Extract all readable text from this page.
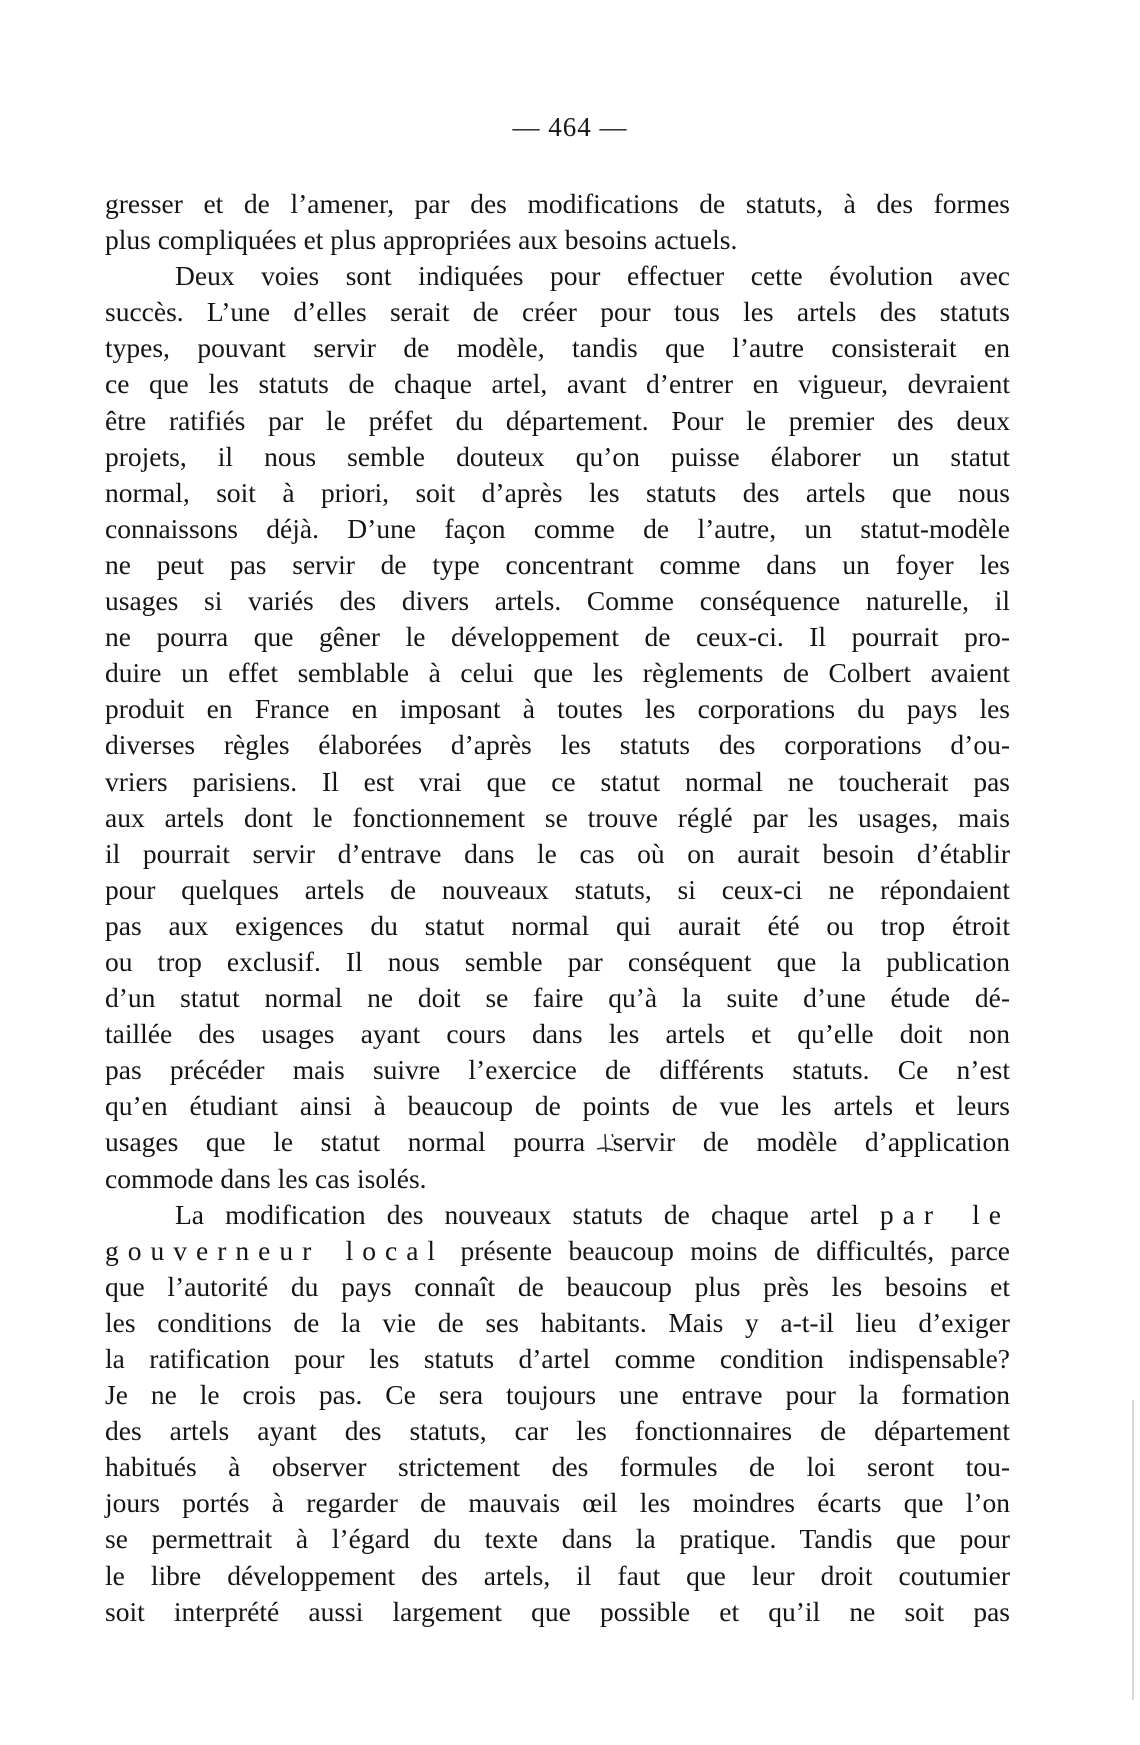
— 464 —
gresser et de l’amener, par des modifications de statuts, à des formes
plus compliquées et plus appropriées aux besoins actuels.
Deux voies sont indiquées pour effectuer cette évolution avec
succès. L’une d’elles serait de créer pour tous les artels des statuts
types, pouvant servir de modèle, tandis que l’autre consisterait en
ce que les statuts de chaque artel, avant d’entrer en vigueur, devraient
être ratifiés par le préfet du département. Pour le premier des deux
projets, il nous semble douteux qu’on puisse élaborer un statut
normal, soit à priori, soit d’après les statuts des artels que nous
connaissons déjà. D’une façon comme de l’autre, un statut-modèle
ne peut pas servir de type concentrant comme dans un foyer les
usages si variés des divers artels. Comme conséquence naturelle, il
ne pourra que gêner le développement de ceux-ci. Il pourrait pro-
duire un effet semblable à celui que les règlements de Colbert avaient
produit en France en imposant à toutes les corporations du pays les
diverses règles élaborées d’après les statuts des corporations d’ou-
vriers parisiens. Il est vrai que ce statut normal ne toucherait pas
aux artels dont le fonctionnement se trouve réglé par les usages, mais
il pourrait servir d’entrave dans le cas où on aurait besoin d’établir
pour quelques artels de nouveaux statuts, si ceux-ci ne répondaient
pas aux exigences du statut normal qui aurait été ou trop étroit
ou trop exclusif. Il nous semble par conséquent que la publication
d’un statut normal ne doit se faire qu’à la suite d’une étude dé-
taillée des usages ayant cours dans les artels et qu’elle doit non
pas précéder mais suivre l’exercice de différents statuts. Ce n’est
qu’en étudiant ainsi à beaucoup de points de vue les artels et leurs
usages que le statut normal pourra servir de modèle d’application
commode dans les cas isolés.
La modification des nouveaux statuts de chaque artel par le
gouverneur local présente beaucoup moins de difficultés, parce
que l’autorité du pays connaît de beaucoup plus près les besoins et
les conditions de la vie de ses habitants. Mais y a-t-il lieu d’exiger
la ratification pour les statuts d’artel comme condition indispensable?
Je ne le crois pas. Ce sera toujours une entrave pour la formation
des artels ayant des statuts, car les fonctionnaires de département
habitués à observer strictement des formules de loi seront tou-
jours portés à regarder de mauvais œil les moindres écarts que l’on
se permettrait à l’égard du texte dans la pratique. Tandis que pour
le libre développement des artels, il faut que leur droit coutumier
soit interprété aussi largement que possible et qu’il ne soit pas
